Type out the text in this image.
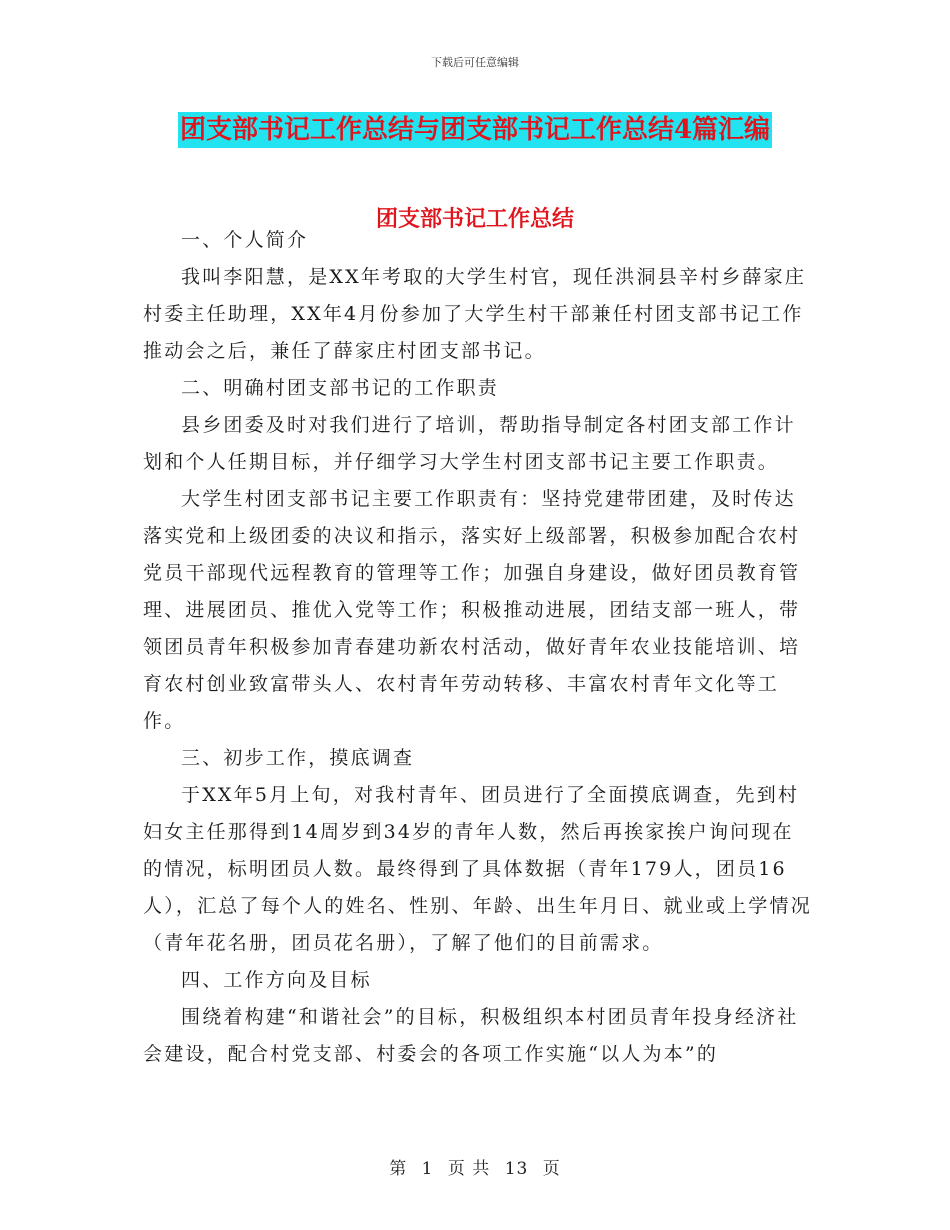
下载后可任意编辑
团支部书记工作总结与团支部书记工作总结4篇汇编
团支部书记工作总结

一、个人简介

我叫李阳慧，是XX年考取的大学生村官，现任洪洞县辛村乡薛家庄村委主任助理，XX年4月份参加了大学生村干部兼任村团支部书记工作推动会之后，兼任了薛家庄村团支部书记。

二、明确村团支部书记的工作职责

县乡团委及时对我们进行了培训，帮助指导制定各村团支部工作计划和个人任期目标，并仔细学习大学生村团支部书记主要工作职责。

大学生村团支部书记主要工作职责有：坚持党建带团建，及时传达落实党和上级团委的决议和指示，落实好上级部署，积极参加配合农村党员干部现代远程教育的管理等工作；加强自身建设，做好团员教育管理、进展团员、推优入党等工作；积极推动进展，团结支部一班人，带领团员青年积极参加青春建功新农村活动，做好青年农业技能培训、培育农村创业致富带头人、农村青年劳动转移、丰富农村青年文化等工作。

三、初步工作，摸底调查

于XX年5月上旬，对我村青年、团员进行了全面摸底调查，先到村妇女主任那得到14周岁到34岁的青年人数，然后再挨家挨户询问现在的情况，标明团员人数。最终得到了具体数据（青年179人，团员16人），汇总了每个人的姓名、性别、年龄、出生年月日、就业或上学情况（青年花名册，团员花名册），了解了他们的目前需求。

四、工作方向及目标

围绕着构建“和谐社会”的目标，积极组织本村团员青年投身经济社会建设，配合村党支部、村委会的各项工作实施“以人为本”的

第 1 页 共 13 页
